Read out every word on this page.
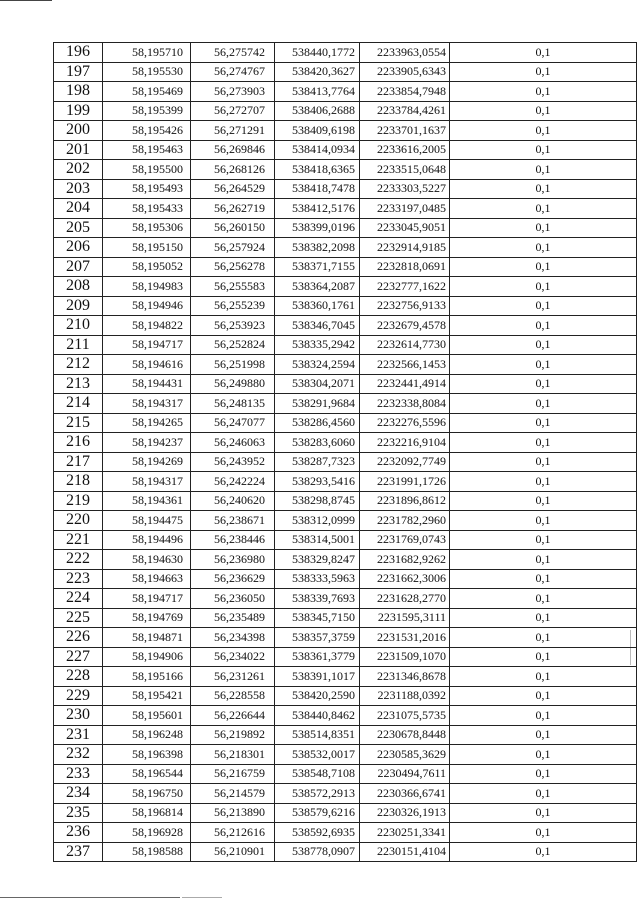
196	58,195710	56,275742	538440,1772	2233963,0554	0,1
197	58,195530	56,274767	538420,3627	2233905,6343	0,1
198	58,195469	56,273903	538413,7764	2233854,7948	0,1
199	58,195399	56,272707	538406,2688	2233784,4261	0,1
200	58,195426	56,271291	538409,6198	2233701,1637	0,1
201	58,195463	56,269846	538414,0934	2233616,2005	0,1
202	58,195500	56,268126	538418,6365	2233515,0648	0,1
203	58,195493	56,264529	538418,7478	2233303,5227	0,1
204	58,195433	56,262719	538412,5176	2233197,0485	0,1
205	58,195306	56,260150	538399,0196	2233045,9051	0,1
206	58,195150	56,257924	538382,2098	2232914,9185	0,1
207	58,195052	56,256278	538371,7155	2232818,0691	0,1
208	58,194983	56,255583	538364,2087	2232777,1622	0,1
209	58,194946	56,255239	538360,1761	2232756,9133	0,1
210	58,194822	56,253923	538346,7045	2232679,4578	0,1
211	58,194717	56,252824	538335,2942	2232614,7730	0,1
212	58,194616	56,251998	538324,2594	2232566,1453	0,1
213	58,194431	56,249880	538304,2071	2232441,4914	0,1
214	58,194317	56,248135	538291,9684	2232338,8084	0,1
215	58,194265	56,247077	538286,4560	2232276,5596	0,1
216	58,194237	56,246063	538283,6060	2232216,9104	0,1
217	58,194269	56,243952	538287,7323	2232092,7749	0,1
218	58,194317	56,242224	538293,5416	2231991,1726	0,1
219	58,194361	56,240620	538298,8745	2231896,8612	0,1
220	58,194475	56,238671	538312,0999	2231782,2960	0,1
221	58,194496	56,238446	538314,5001	2231769,0743	0,1
222	58,194630	56,236980	538329,8247	2231682,9262	0,1
223	58,194663	56,236629	538333,5963	2231662,3006	0,1
224	58,194717	56,236050	538339,7693	2231628,2770	0,1
225	58,194769	56,235489	538345,7150	2231595,3111	0,1
226	58,194871	56,234398	538357,3759	2231531,2016	0,1
227	58,194906	56,234022	538361,3779	2231509,1070	0,1
228	58,195166	56,231261	538391,1017	2231346,8678	0,1
229	58,195421	56,228558	538420,2590	2231188,0392	0,1
230	58,195601	56,226644	538440,8462	2231075,5735	0,1
231	58,196248	56,219892	538514,8351	2230678,8448	0,1
232	58,196398	56,218301	538532,0017	2230585,3629	0,1
233	58,196544	56,216759	538548,7108	2230494,7611	0,1
234	58,196750	56,214579	538572,2913	2230366,6741	0,1
235	58,196814	56,213890	538579,6216	2230326,1913	0,1
236	58,196928	56,212616	538592,6935	2230251,3341	0,1
237	58,198588	56,210901	538778,0907	2230151,4104	0,1
